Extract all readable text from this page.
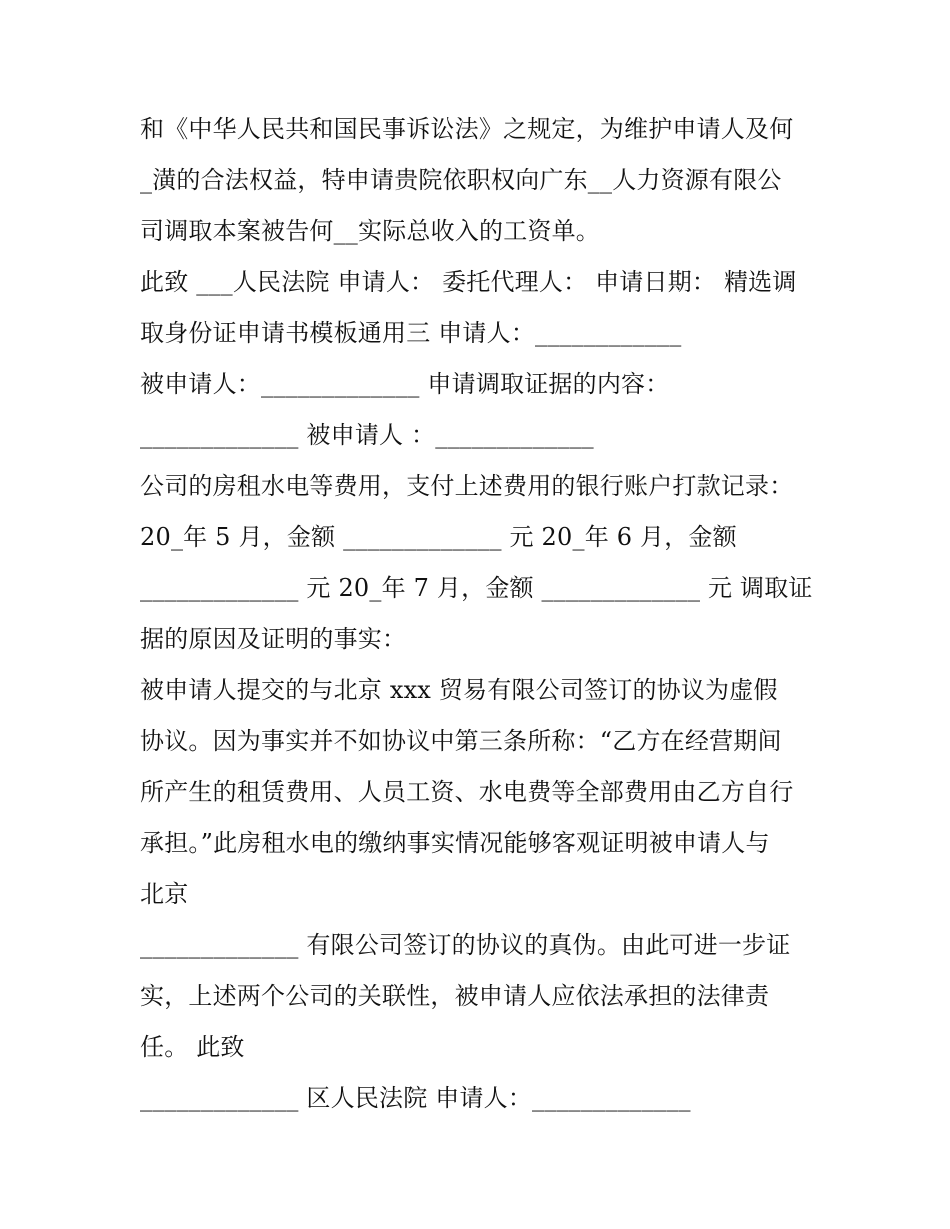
和《中华人民共和国民事诉讼法》之规定，为维护申请人及何
_潢的合法权益，特申请贵院依职权向广东__人力资源有限公
司调取本案被告何__实际总收入的工资单。
此致 ___人民法院 申请人： 委托代理人： 申请日期： 精选调
取身份证申请书模板通用三 申请人：____________
被申请人：_____________ 申请调取证据的内容：
_____________ 被申请人 ：_____________
公司的房租水电等费用，支付上述费用的银行账户打款记录：
20_年 5 月，金额 _____________ 元 20_年 6 月，金额
_____________ 元 20_年 7 月，金额 _____________ 元 调取证
据的原因及证明的事实：
被申请人提交的与北京 xxx 贸易有限公司签订的协议为虚假
协议。因为事实并不如协议中第三条所称：“乙方在经营期间
所产生的租赁费用、人员工资、水电费等全部费用由乙方自行
承担。”此房租水电的缴纳事实情况能够客观证明被申请人与
北京
_____________ 有限公司签订的协议的真伪。由此可进一步证
实，上述两个公司的关联性，被申请人应依法承担的法律责
任。 此致
_____________ 区人民法院 申请人：_____________
